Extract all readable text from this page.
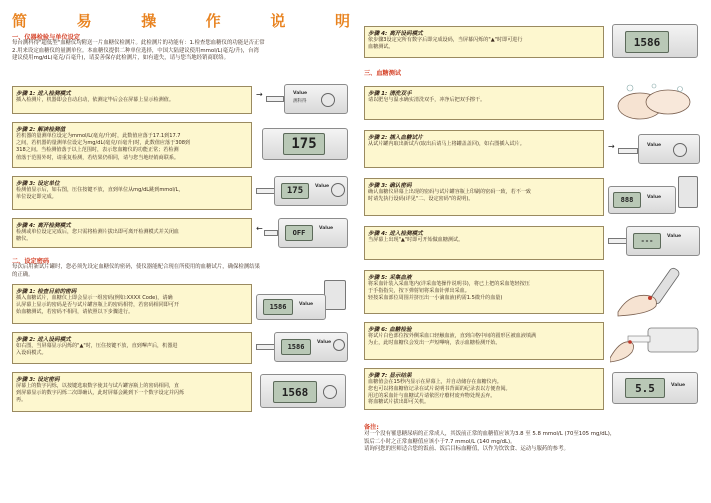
简	易	操	作	说	明
一、仪器检验与单位设定
每台测科得"超低型"血糖仪均附送一片血糖仪检测片。此检测片的功能有：1.检查您血糖仪的功能是否正常
2.用来设定血糖仪的量测单位。本血糖仪提供二种单位选择，中国大陆建议使用mmol/L(毫克/升)，台湾
建议使用mg/dL(毫克/百毫升)，请妥善保存此检测片，如有遗失，请与您当地经销商联络。
步骤 1: 进入检测模式
插入检测片，机器即会自动启动，依测定毕后会在屏幕上显示检测值。
→	Value
测科得
步骤 2: 解读检测值
若机器的量测单位设定为mmol/L(毫克/升)时，此数值应落于17.1到17.7
之间，若机器的量测单位设定为mg/dL(毫克/百毫升)时，此数值应落于308到
318之间。当检测值落于以上范围时，表示您血糖仪的功能正常；若检测
值落于范围外时，请重复检测，若结果仍相同，请与您当地经销商联系。
175
步骤 3: 设定单位
检测值显示后，如右图，压住按键不放，直到单位从mg/dL跳到mmol/L，
单位设定即完成。
175	Value
步骤 4: 离开检测模式
检测或单位设定完成后，您只需将检测片拔出即可离开检测模式并关闭血
糖仪。
←	OFF
Value
二、设定密码
每次启用新试片罐时，您必须先设定血糖仪的密码，使仪器能配合现在所使用的血糖试片，确保检测结果
的正确。
步骤 1: 检查目前的密码
插入血糖试片，血糖仪上即会显示一组密码(例如:XXXX Code)，请确
认屏幕上显示的密码是否与试片罐容瓶上的密码相符，若密码相同即可开
始血糖测试，若密码不相同，请依照以下步骤进行。
1586	Value
步骤 2: 进入设码模式
如右图，当屏幕显示闪烁的"▲"时，压住按键不放，直到嗶声后，机器进
入设码模式。
1586
Value
步骤 3: 设定密码
屏幕上的数字闪烁，以按键选取数字使其与试片罐容瓶上的密码相同，直
到屏幕显示的数字闪烁二次即确认，此时屏幕会跳到下一个数字设定并闪烁
再。
1568
步骤 4: 离开设码模式
依步骤3设定完所有数字后即完成设码，当屏幕闪烁的"▲"时即可进行
血糖测试。	1586
三、血糖测试
步骤 1: 清洗双手
请以肥皂与温水确实清洗双手，冲净后把双手擦干。
步骤 2: 插入血糖试片
从试片罐内取出新试片(取出后请马上将罐盖盖回)，如右图插入试片。	→	Value
步骤 3: 确认密码
确认血糖仪屏幕上出现的密码与试片罐容瓶上印刷的密码一致，若不一致
时请先执行设码(详见"二、设定密码"的说明)。	888	Value
步骤 4: 进入检测模式
当屏幕上出现"▲"时即可开始做血糖测试。	---
Value
步骤 5: 采集血液
将采血针装入采血笔内(详采血笔操作说明书)，将已上把的采血笔轻按压
于手指指尖，按下弹射钮将采血针弹出采血。
轻按采血部位周围并挤压出一小滴血液(约需1.5微升的血量)
步骤 6: 血糖检验
将试片白色部位按外侧采血口轻触血液，直到白格中间的圆形区被血液填满
为止，此时血糖仪会发出一声短嗶响，表示血糖检测开始。
步骤 7: 显示结果
血糖值会在15秒内显示在屏幕上，并自动储存在血糖仪内。
您也可以将血糖值记录在试片说明书背面的纪录表以方便查阅。
用过的采血针与血糖试片请依医疗廢材废弃物处规丢弃。
将血糖试片拔出即可关机。
5.5	Value
备注:
对一个没有罹患糖尿病的正常成人，其饭前正常的血糖值应该为3.8 至 5.8 mmol/L (70至105 mg/dL)，
饭后二小时之正常血糖值应该小于7.7 mmol/L (140 mg/dL)。
请询问您的医师适合您的饭前、饭后目标血糖值，以作为饮饮食、运动与服药的参考。
